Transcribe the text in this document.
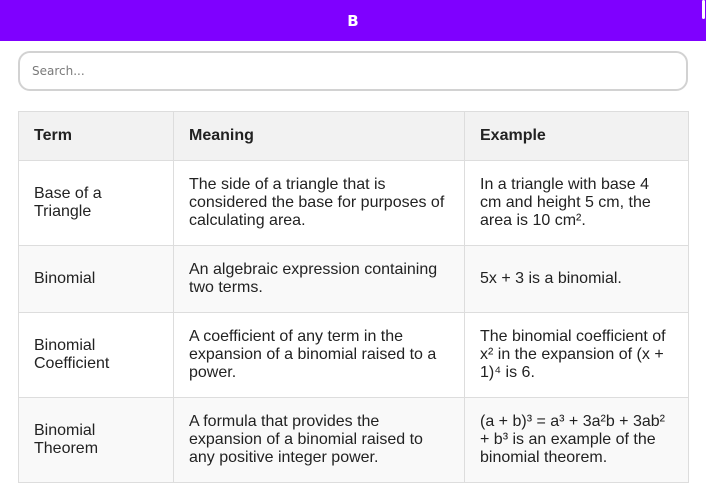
B
Search...
Term	Meaning	Example
Base of a Triangle	The side of a triangle that is considered the base for purposes of calculating area.	In a triangle with base 4 cm and height 5 cm, the area is 10 cm².
Binomial	An algebraic expression containing two terms.	5x + 3 is a binomial.
Binomial Coefficient	A coefficient of any term in the expansion of a binomial raised to a power.	The binomial coefficient of x² in the expansion of (x + 1)⁴ is 6.
Binomial Theorem	A formula that provides the expansion of a binomial raised to any positive integer power.	(a + b)³ = a³ + 3a²b + 3ab² + b³ is an example of the binomial theorem.
